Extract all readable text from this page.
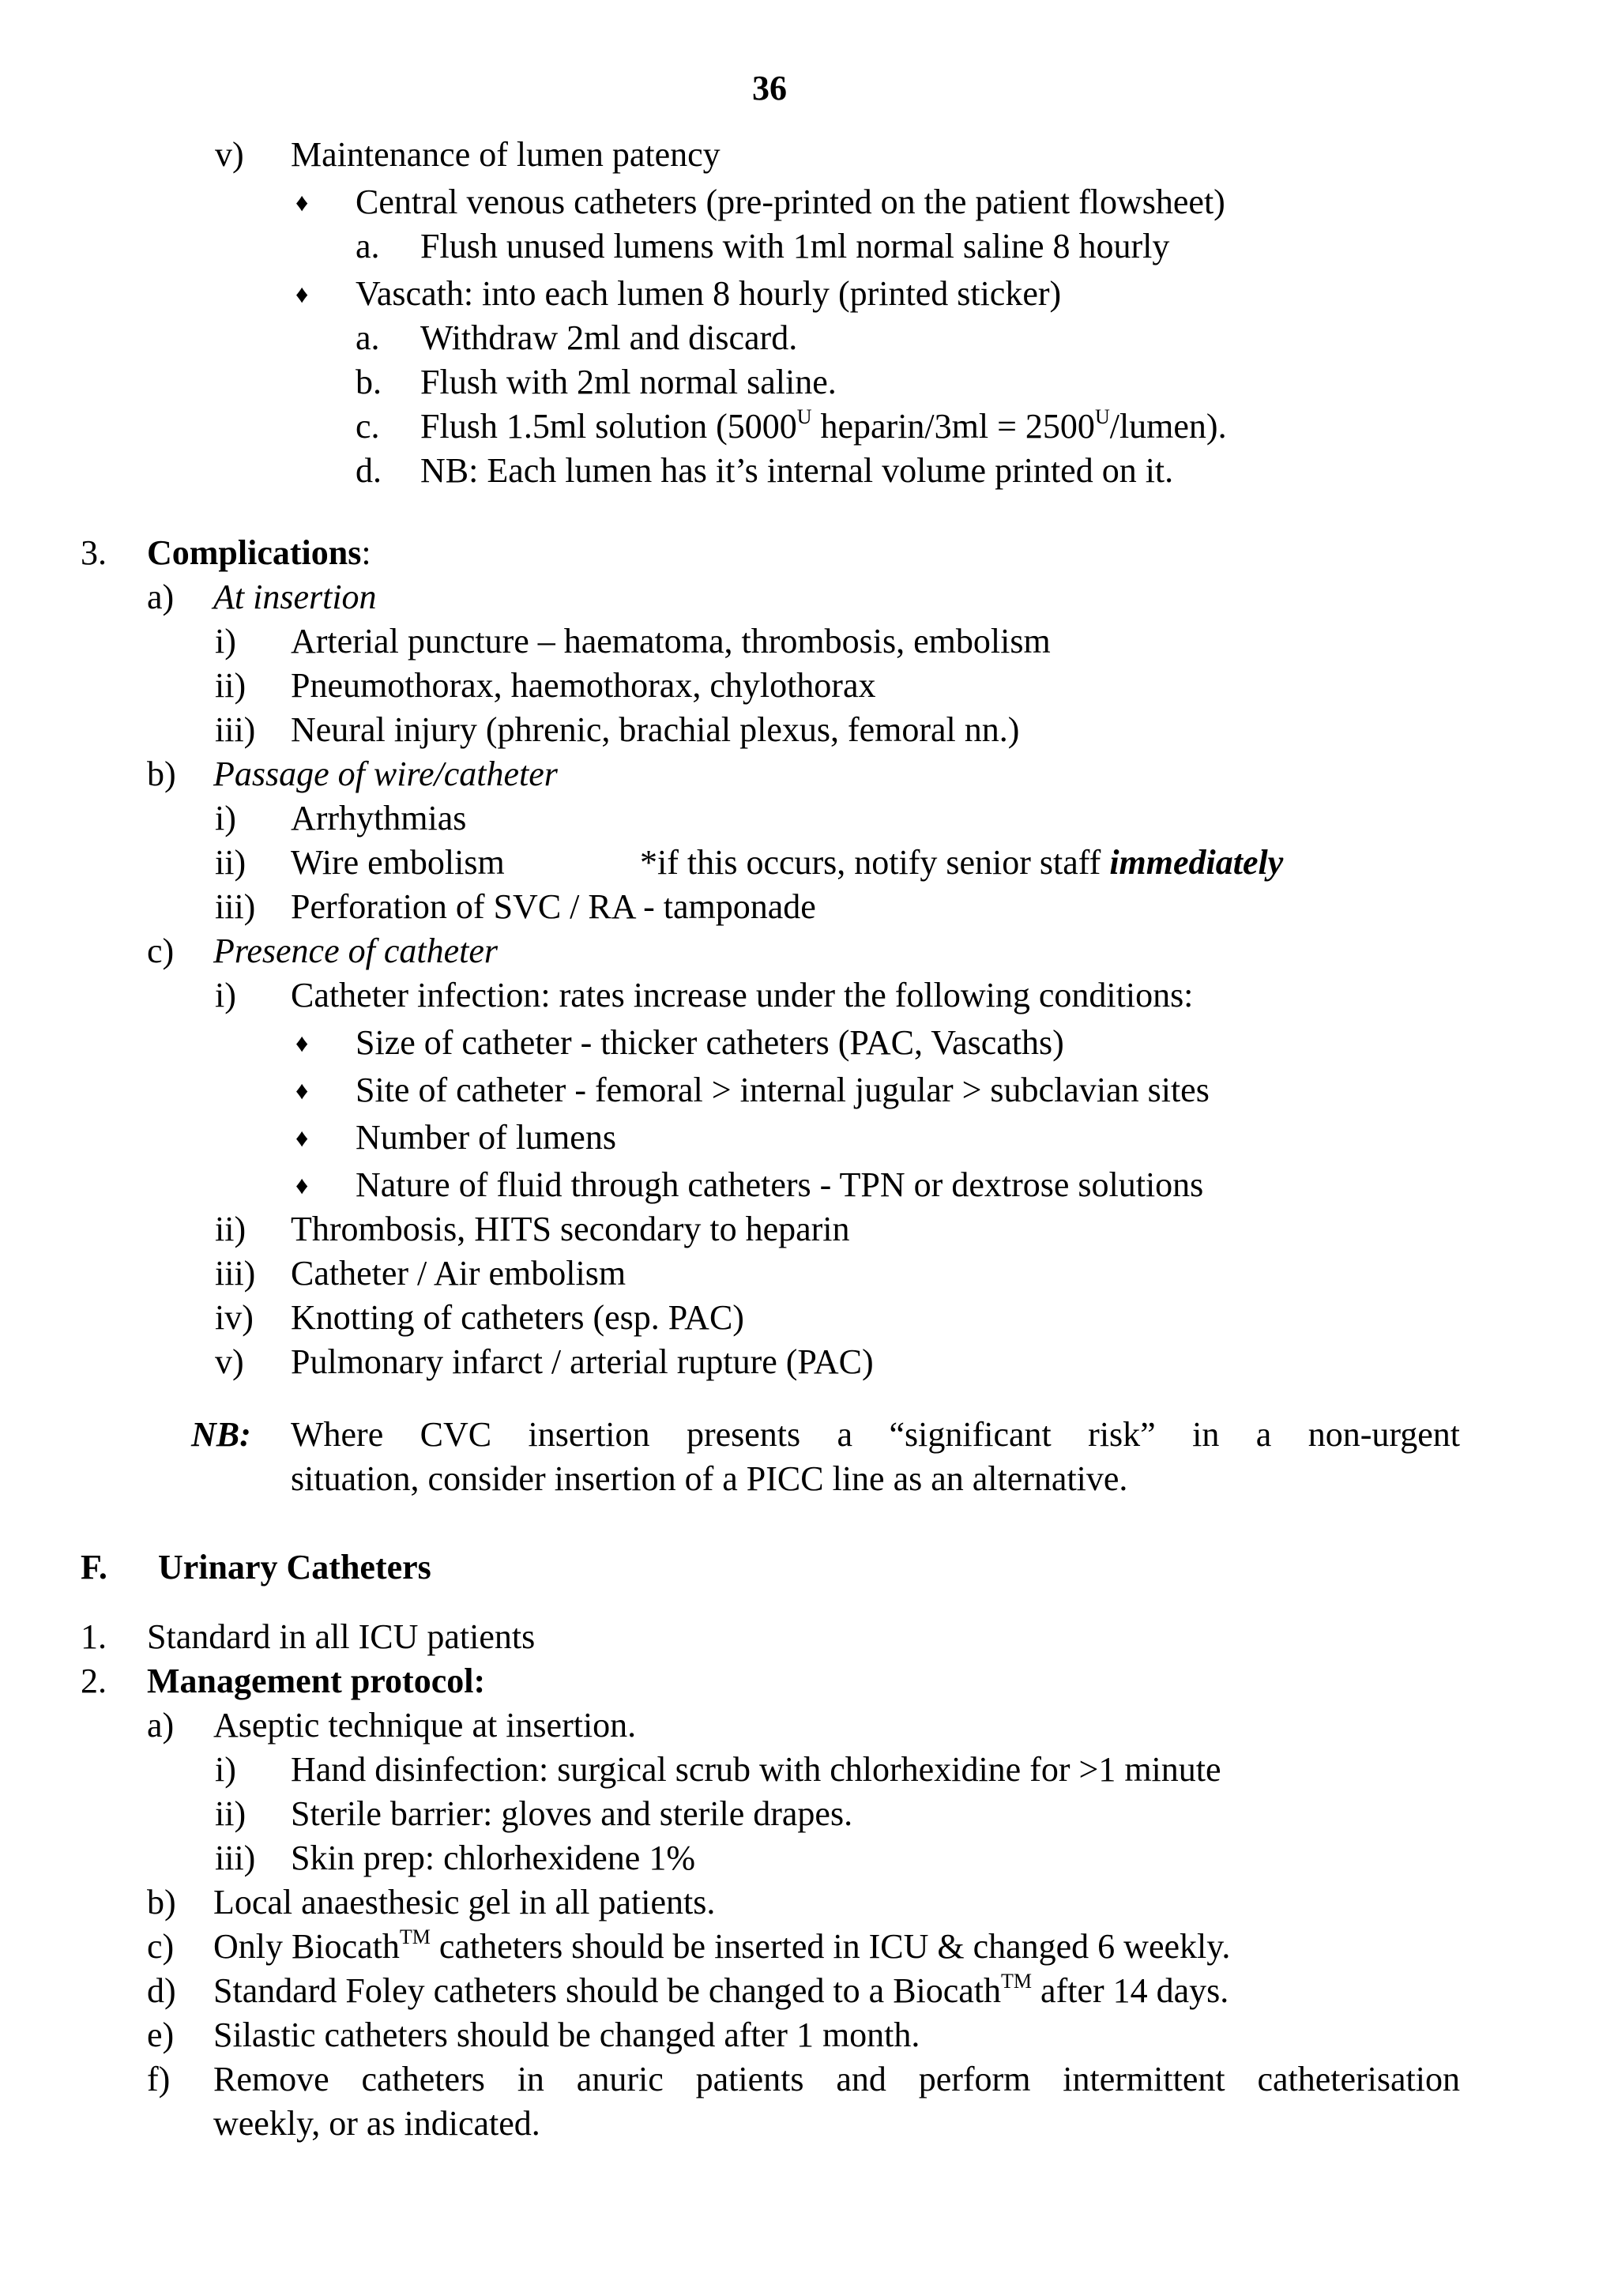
36
v) Maintenance of lumen patency
♦ Central venous catheters (pre-printed on the patient flowsheet)
a. Flush unused lumens with 1ml normal saline 8 hourly
♦ Vascath: into each lumen 8 hourly (printed sticker)
a. Withdraw 2ml and discard.
b. Flush with 2ml normal saline.
c. Flush 1.5ml solution ($5000^U$ heparin/3ml = $2500^U/lumen$).
d. NB: Each lumen has it’s internal volume printed on it.
3. Complications:
a) At insertion
i) Arterial puncture – haematoma, thrombosis, embolism
ii) Pneumothorax, haemothorax, chylothorax
iii) Neural injury (phrenic, brachial plexus, femoral nn.)
b) Passage of wire/catheter
i) Arrhythmias
ii) Wire embolism	*if this occurs, notify senior staff immediately
iii) Perforation of SVC / RA - tamponade
c) Presence of catheter
i) Catheter infection: rates increase under the following conditions:
♦ Size of catheter - thicker catheters (PAC, Vascaths)
♦ Site of catheter - femoral > internal jugular > subclavian sites
♦ Number of lumens
♦ Nature of fluid through catheters - TPN or dextrose solutions
ii) Thrombosis, HITS secondary to heparin
iii) Catheter / Air embolism
iv) Knotting of catheters (esp. PAC)
v) Pulmonary infarct / arterial rupture (PAC)
NB: Where CVC insertion presents a “significant risk” in a non-urgent
situation, consider insertion of a PICC line as an alternative.
F. Urinary Catheters
1. Standard in all ICU patients
2. Management protocol:
a) Aseptic technique at insertion.
i) Hand disinfection: surgical scrub with chlorhexidine for >1 minute
ii) Sterile barrier: gloves and sterile drapes.
iii) Skin prep: chlorhexidene 1%
b) Local anaesthesic gel in all patients.
c) Only Biocath™ catheters should be inserted in ICU & changed 6 weekly.
d) Standard Foley catheters should be changed to a Biocath™ after 14 days.
e) Silastic catheters should be changed after 1 month.
f) Remove catheters in anuric patients and perform intermittent catheterisation
weekly, or as indicated.
